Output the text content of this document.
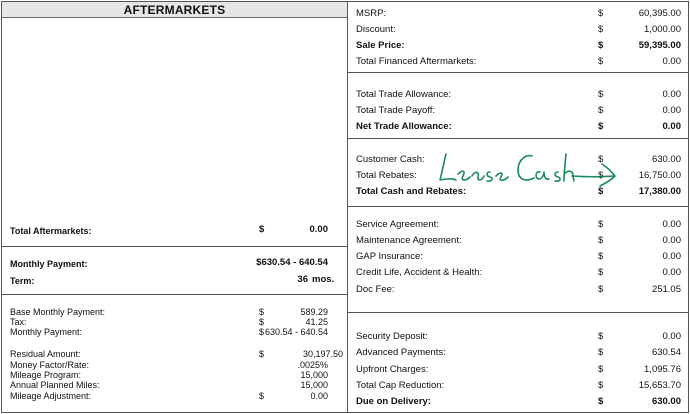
AFTERMARKETS
Total Aftermarkets:	$	0.00
Monthly Payment:	$630.54 - 640.54
Term:	36 mos.
Base Monthly Payment:	$	589.29
Tax:	$	41.25
Monthly Payment:	$ 630.54 - 640.54
Residual Amount:	$	30,197.50
Money Factor/Rate:	.0025%
Mileage Program:	15,000
Annual Planned Miles:	15,000
Mileage Adjustment:	$	0.00
MSRP:	$	60,395.00
Discount:	$	1,000.00
Sale Price:	$	59,395.00
Total Financed Aftermarkets:	$	0.00
Total Trade Allowance:	$	0.00
Total Trade Payoff:	$	0.00
Net Trade Allowance:	$	0.00
Customer Cash:	$	630.00
Total Rebates:	$	16,750.00
Total Cash and Rebates:	$	17,380.00
Service Agreement:	$	0.00
Maintenance Agreement:	$	0.00
GAP Insurance:	$	0.00
Credit Life, Accident & Health:	$	0.00
Doc Fee:	$	251.05
Security Deposit:	$	0.00
Advanced Payments:	$	630.54
Upfront Charges:	$	1,095.76
Total Cap Reduction:	$	15,653.70
Due on Delivery:	$	630.00
Lease Cash
